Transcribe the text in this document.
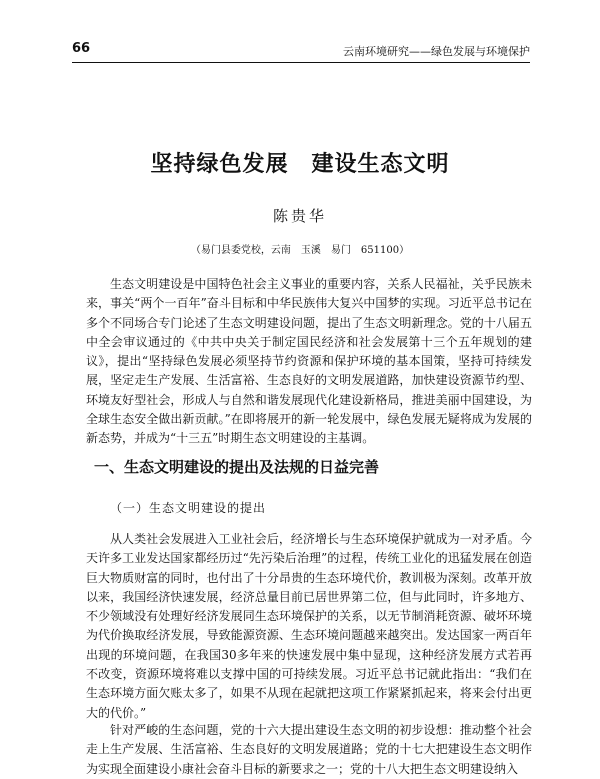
66	云南环境研究——绿色发展与环境保护
坚持绿色发展　建设生态文明
陈贵华
（易门县委党校，云南　玉溪　易门　651100）

生态文明建设是中国特色社会主义事业的重要内容，关系人民福祉，关乎民族未来，事关“两个一百年”奋斗目标和中华民族伟大复兴中国梦的实现。习近平总书记在多个不同场合专门论述了生态文明建设问题，提出了生态文明新理念。党的十八届五中全会审议通过的《中共中央关于制定国民经济和社会发展第十三个五年规划的建议》，提出“坚持绿色发展必须坚持节约资源和保护环境的基本国策，坚持可持续发展，坚定走生产发展、生活富裕、生态良好的文明发展道路，加快建设资源节约型、环境友好型社会，形成人与自然和谐发展现代化建设新格局，推进美丽中国建设，为全球生态安全做出新贡献。”在即将展开的新一轮发展中，绿色发展无疑将成为发展的新态势，并成为“十三五”时期生态文明建设的主基调。

一、生态文明建设的提出及法规的日益完善
（一）生态文明建设的提出

从人类社会发展进入工业社会后，经济增长与生态环境保护就成为一对矛盾。今天许多工业发达国家都经历过“先污染后治理”的过程，传统工业化的迅猛发展在创造巨大物质财富的同时，也付出了十分昂贵的生态环境代价，教训极为深刻。改革开放以来，我国经济快速发展，经济总量目前已居世界第二位，但与此同时，许多地方、不少领域没有处理好经济发展同生态环境保护的关系，以无节制消耗资源、破坏环境为代价换取经济发展，导致能源资源、生态环境问题越来越突出。发达国家一两百年出现的环境问题，在我国30多年来的快速发展中集中显现，这种经济发展方式若再不改变，资源环境将难以支撑中国的可持续发展。习近平总书记就此指出：“我们在生态环境方面欠账太多了，如果不从现在起就把这项工作紧紧抓起来，将来会付出更大的代价。”

针对严峻的生态问题，党的十六大提出建设生态文明的初步设想：推动整个社会走上生产发展、生活富裕、生态良好的文明发展道路；党的十七大把建设生态文明作为实现全面建设小康社会奋斗目标的新要求之一；党的十八大把生态文明建设纳入
